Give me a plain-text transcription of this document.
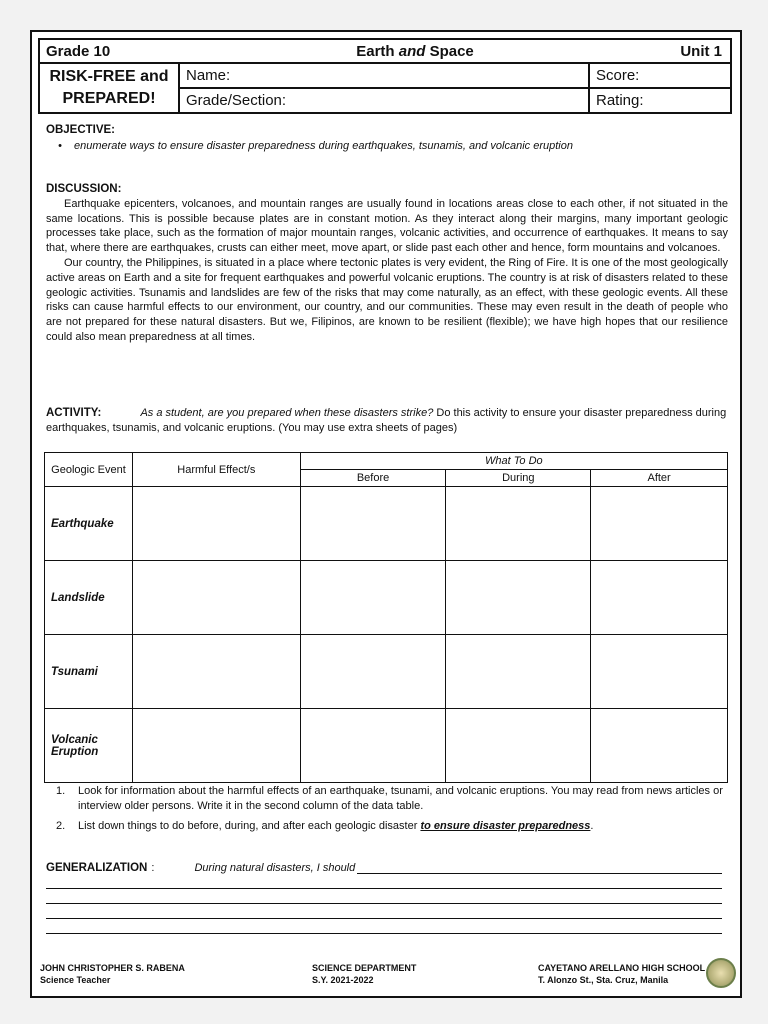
Grade 10	Earth and Space	Unit 1
RISK-FREE and
PREPARED!
Name:	Score:
Grade/Section:	Rating:
OBJECTIVE:
•	enumerate ways to ensure disaster preparedness during earthquakes, tsunamis, and volcanic eruption
DISCUSSION:

Earthquake epicenters, volcanoes, and mountain ranges are usually found in locations areas close to each other, if not situated in the same locations. This is possible because plates are in constant motion. As they interact along their margins, many important geologic processes take place, such as the formation of major mountain ranges, volcanic activities, and occurrence of earthquakes. It means to say that, where there are earthquakes, crusts can either meet, move apart, or slide past each other and hence, form mountains and volcanoes.

Our country, the Philippines, is situated in a place where tectonic plates is very evident, the Ring of Fire. It is one of the most geologically active areas on Earth and a site for frequent earthquakes and powerful volcanic eruptions. The country is at risk of disasters related to these geologic activities. Tsunamis and landslides are few of the risks that may come naturally, as an effect, with these geologic events. All these risks can cause harmful effects to our environment, our country, and our communities. These may even result in the death of people who are not prepared for these natural disasters. But we, Filipinos, are known to be resilient (flexible); we have high hopes that our resilience could also mean preparedness at all times.

ACTIVITY:	As a student, are you prepared when these disasters strike? Do this activity to ensure your disaster preparedness during earthquakes, tsunamis, and volcanic eruptions. (You may use extra sheets of pages)
Geologic Event	Harmful Effect/s	What To Do		
		Before	During	After
Earthquake				
Landslide				
Tsunami				
Volcanic Eruption				
1.	Look for information about the harmful effects of an earthquake, tsunami, and volcanic eruptions. You may read from news articles or interview older persons. Write it in the second column of the data table.
2.	List down things to do before, during, and after each geologic disaster to ensure disaster preparedness.
GENERALIZATION :	During natural disasters, I should
JOHN CHRISTOPHER S. RABENA
Science Teacher
SCIENCE DEPARTMENT
S.Y. 2021-2022
CAYETANO ARELLANO HIGH SCHOOL
T. Alonzo St., Sta. Cruz, Manila
